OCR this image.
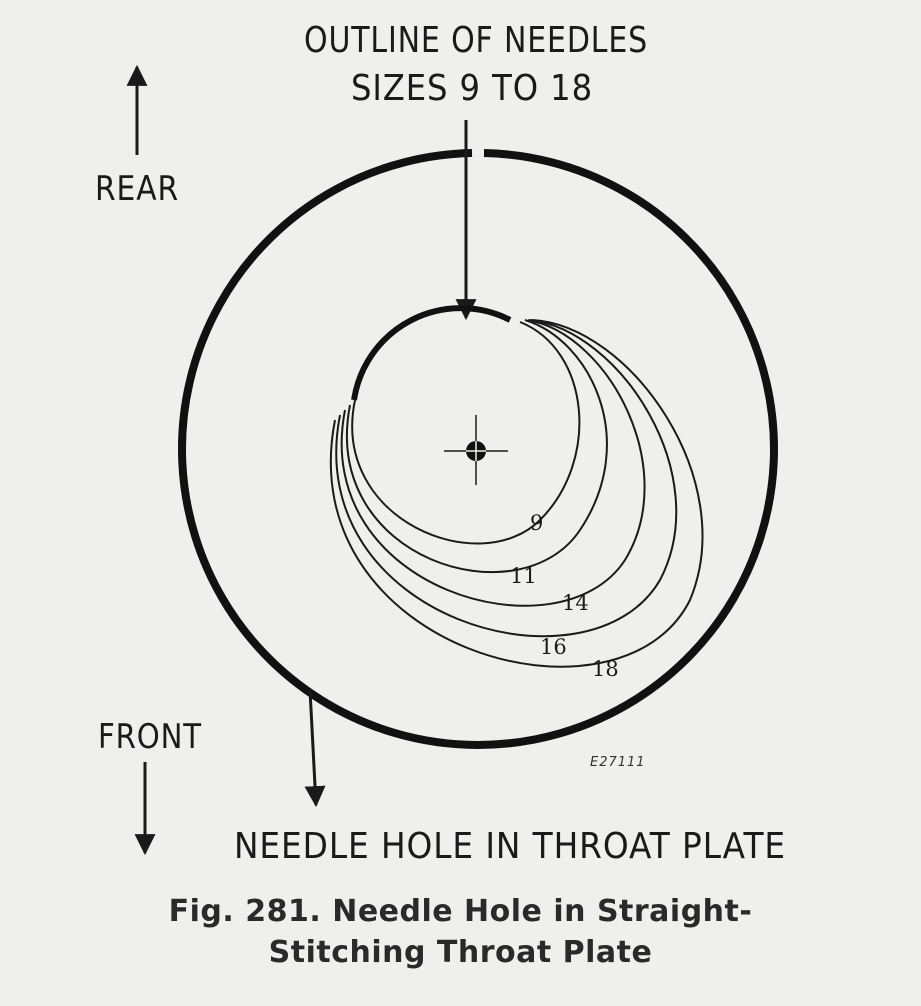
OUTLINE OF NEEDLES
SIZES 9 TO 18
REAR
9
11
14
16
18
FRONT
E27111
NEEDLE HOLE IN THROAT PLATE
Fig. 281. Needle Hole in Straight-
Stitching Throat Plate
